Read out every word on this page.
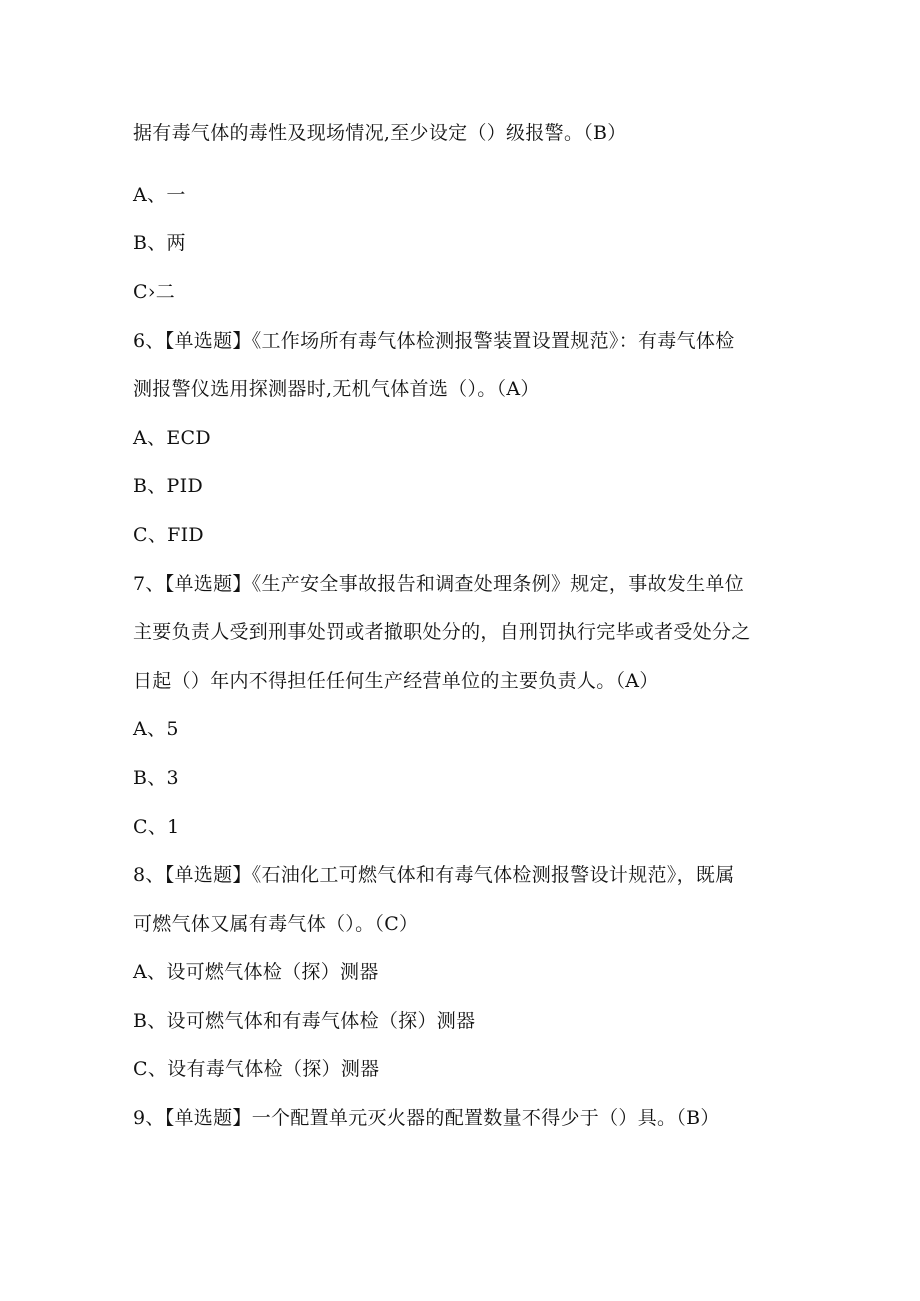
据有毒气体的毒性及现场情况,至少设定（）级报警。（B）
A、一
B、两
C›二
6、【单选题】《工作场所有毒气体检测报警装置设置规范》：有毒气体检
测报警仪选用探测器时,无机气体首选（）。（A）
A、ECD
B、PID
C、FID
7、【单选题】《生产安全事故报告和调查处理条例》规定，事故发生单位
主要负责人受到刑事处罚或者撤职处分的，自刑罚执行完毕或者受处分之
日起（）年内不得担任任何生产经营单位的主要负责人。（A）
A、5
B、3
C、1
8、【单选题】《石油化工可燃气体和有毒气体检测报警设计规范》，既属
可燃气体又属有毒气体（）。（C）
A、设可燃气体检（探）测器
B、设可燃气体和有毒气体检（探）测器
C、设有毒气体检（探）测器
9、【单选题】一个配置单元灭火器的配置数量不得少于（）具。（B）
